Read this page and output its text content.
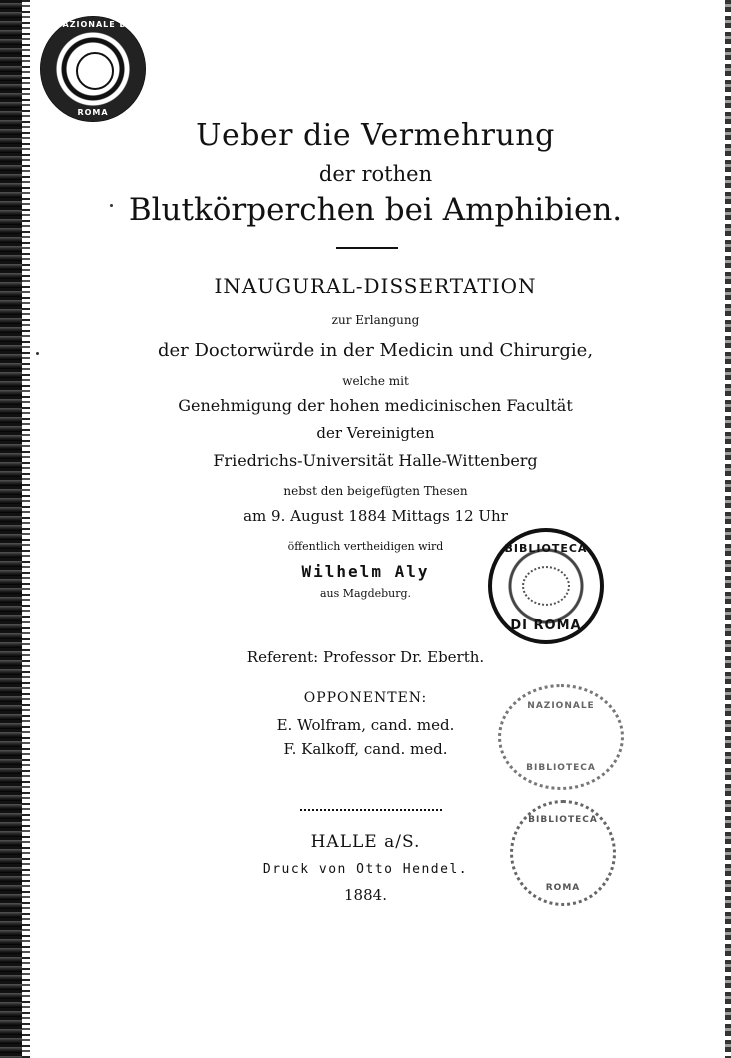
NAZIONALE DI
ROMA
Ueber die Vermehrung
der rothen
Blutkörperchen bei Amphibien.
INAUGURAL-DISSERTATION
zur Erlangung
der Doctorwürde in der Medicin und Chirurgie,
welche mit
Genehmigung der hohen medicinischen Facultät
der Vereinigten
Friedrichs-Universität Halle-Wittenberg
nebst den beigefügten Thesen
am 9. August 1884 Mittags 12 Uhr
öffentlich vertheidigen wird
Wilhelm Aly
aus Magdeburg.
BIBLIOTECA
DI ROMA
Referent: Professor Dr. Eberth.
OPPONENTEN:
E. Wolfram, cand. med.
F. Kalkoff, cand. med.
NAZIONALE
BIBLIOTECA
BIBLIOTECA
ROMA
HALLE a/S.
Druck von Otto Hendel.
1884.
